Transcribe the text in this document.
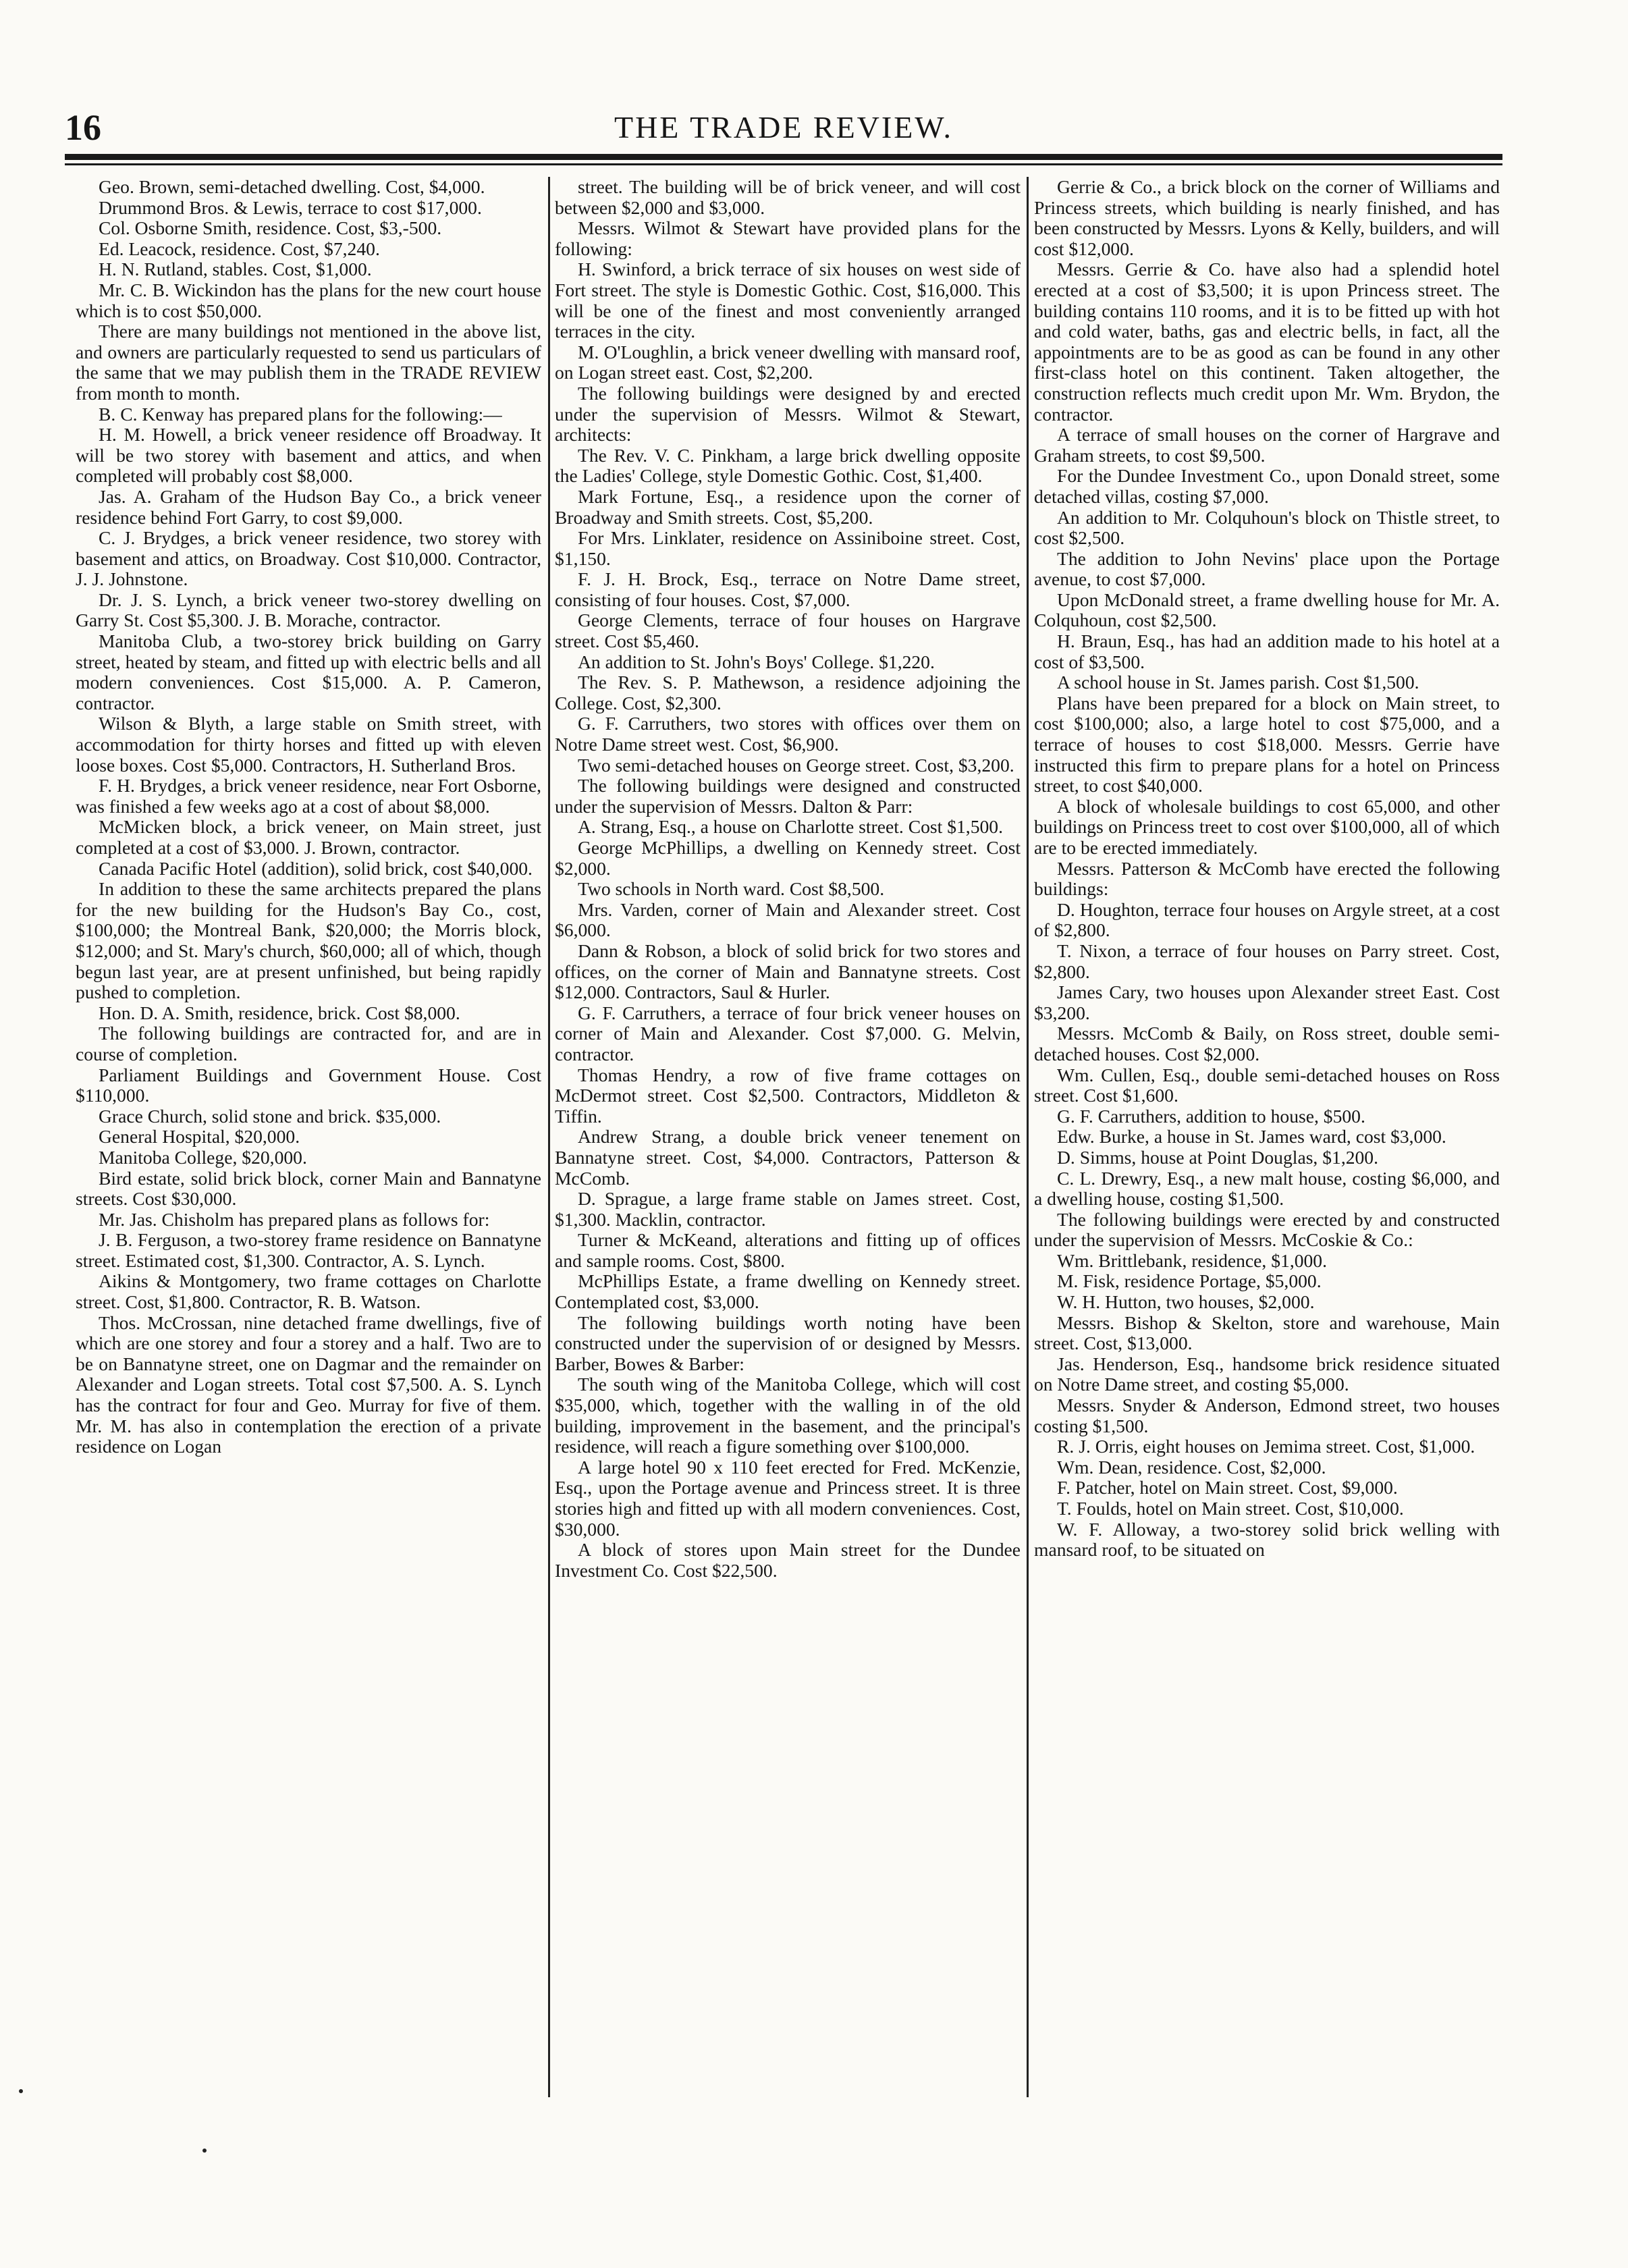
16	THE TRADE REVIEW.

Geo. Brown, semi-detached dwelling. Cost, $4,000.

Drummond Bros. & Lewis, terrace to cost $17,000.

Col. Osborne Smith, residence. Cost, $3,-500.

Ed. Leacock, residence. Cost, $7,240.

H. N. Rutland, stables. Cost, $1,000.

Mr. C. B. Wickindon has the plans for the new court house which is to cost $50,000.

There are many buildings not mentioned in the above list, and owners are particularly requested to send us particulars of the same that we may publish them in the TRADE REVIEW from month to month.

B. C. Kenway has prepared plans for the following:—

H. M. Howell, a brick veneer residence off Broadway. It will be two storey with basement and attics, and when completed will probably cost $8,000.

Jas. A. Graham of the Hudson Bay Co., a brick veneer residence behind Fort Garry, to cost $9,000.

C. J. Brydges, a brick veneer residence, two storey with basement and attics, on Broadway. Cost $10,000. Contractor, J. J. Johnstone.

Dr. J. S. Lynch, a brick veneer two-storey dwelling on Garry St. Cost $5,300. J. B. Morache, contractor.

Manitoba Club, a two-storey brick building on Garry street, heated by steam, and fitted up with electric bells and all modern conveniences. Cost $15,000. A. P. Cameron, contractor.

Wilson & Blyth, a large stable on Smith street, with accommodation for thirty horses and fitted up with eleven loose boxes. Cost $5,000. Contractors, H. Sutherland Bros.

F. H. Brydges, a brick veneer residence, near Fort Osborne, was finished a few weeks ago at a cost of about $8,000.

McMicken block, a brick veneer, on Main street, just completed at a cost of $3,000. J. Brown, contractor.

Canada Pacific Hotel (addition), solid brick, cost $40,000.

In addition to these the same architects prepared the plans for the new building for the Hudson's Bay Co., cost, $100,000; the Montreal Bank, $20,000; the Morris block, $12,000; and St. Mary's church, $60,000; all of which, though begun last year, are at present unfinished, but being rapidly pushed to completion.

Hon. D. A. Smith, residence, brick. Cost $8,000.

The following buildings are contracted for, and are in course of completion.

Parliament Buildings and Government House. Cost $110,000.

Grace Church, solid stone and brick. $35,000.

General Hospital, $20,000.

Manitoba College, $20,000.

Bird estate, solid brick block, corner Main and Bannatyne streets. Cost $30,000.

Mr. Jas. Chisholm has prepared plans as follows for:

J. B. Ferguson, a two-storey frame residence on Bannatyne street. Estimated cost, $1,300. Contractor, A. S. Lynch.

Aikins & Montgomery, two frame cottages on Charlotte street. Cost, $1,800. Contractor, R. B. Watson.

Thos. McCrossan, nine detached frame dwellings, five of which are one storey and four a storey and a half. Two are to be on Bannatyne street, one on Dagmar and the remainder on Alexander and Logan streets. Total cost $7,500. A. S. Lynch has the contract for four and Geo. Murray for five of them. Mr. M. has also in contemplation the erection of a private residence on Logan

street. The building will be of brick veneer, and will cost between $2,000 and $3,000.

Messrs. Wilmot & Stewart have provided plans for the following:

H. Swinford, a brick terrace of six houses on west side of Fort street. The style is Domestic Gothic. Cost, $16,000. This will be one of the finest and most conveniently arranged terraces in the city.

M. O'Loughlin, a brick veneer dwelling with mansard roof, on Logan street east. Cost, $2,200.

The following buildings were designed by and erected under the supervision of Messrs. Wilmot & Stewart, architects:

The Rev. V. C. Pinkham, a large brick dwelling opposite the Ladies' College, style Domestic Gothic. Cost, $1,400.

Mark Fortune, Esq., a residence upon the corner of Broadway and Smith streets. Cost, $5,200.

For Mrs. Linklater, residence on Assiniboine street. Cost, $1,150.

F. J. H. Brock, Esq., terrace on Notre Dame street, consisting of four houses. Cost, $7,000.

George Clements, terrace of four houses on Hargrave street. Cost $5,460.

An addition to St. John's Boys' College. $1,220.

The Rev. S. P. Mathewson, a residence adjoining the College. Cost, $2,300.

G. F. Carruthers, two stores with offices over them on Notre Dame street west. Cost, $6,900.

Two semi-detached houses on George street. Cost, $3,200.

The following buildings were designed and constructed under the supervision of Messrs. Dalton & Parr:

A. Strang, Esq., a house on Charlotte street. Cost $1,500.

George McPhillips, a dwelling on Kennedy street. Cost $2,000.

Two schools in North ward. Cost $8,500.

Mrs. Varden, corner of Main and Alexander street. Cost $6,000.

Dann & Robson, a block of solid brick for two stores and offices, on the corner of Main and Bannatyne streets. Cost $12,000. Contractors, Saul & Hurler.

G. F. Carruthers, a terrace of four brick veneer houses on corner of Main and Alexander. Cost $7,000. G. Melvin, contractor.

Thomas Hendry, a row of five frame cottages on McDermot street. Cost $2,500. Contractors, Middleton & Tiffin.

Andrew Strang, a double brick veneer tenement on Bannatyne street. Cost, $4,000. Contractors, Patterson & McComb.

D. Sprague, a large frame stable on James street. Cost, $1,300. Macklin, contractor.

Turner & McKeand, alterations and fitting up of offices and sample rooms. Cost, $800.

McPhillips Estate, a frame dwelling on Kennedy street. Contemplated cost, $3,000.

The following buildings worth noting have been constructed under the supervision of or designed by Messrs. Barber, Bowes & Barber:

The south wing of the Manitoba College, which will cost $35,000, which, together with the walling in of the old building, improvement in the basement, and the principal's residence, will reach a figure something over $100,000.

A large hotel 90 x 110 feet erected for Fred. McKenzie, Esq., upon the Portage avenue and Princess street. It is three stories high and fitted up with all modern conveniences. Cost, $30,000.

A block of stores upon Main street for the Dundee Investment Co. Cost $22,500.

Gerrie & Co., a brick block on the corner of Williams and Princess streets, which building is nearly finished, and has been constructed by Messrs. Lyons & Kelly, builders, and will cost $12,000.

Messrs. Gerrie & Co. have also had a splendid hotel erected at a cost of $3,500; it is upon Princess street. The building contains 110 rooms, and it is to be fitted up with hot and cold water, baths, gas and electric bells, in fact, all the appointments are to be as good as can be found in any other first-class hotel on this continent. Taken altogether, the construction reflects much credit upon Mr. Wm. Brydon, the contractor.

A terrace of small houses on the corner of Hargrave and Graham streets, to cost $9,500.

For the Dundee Investment Co., upon Donald street, some detached villas, costing $7,000.

An addition to Mr. Colquhoun's block on Thistle street, to cost $2,500.

The addition to John Nevins' place upon the Portage avenue, to cost $7,000.

Upon McDonald street, a frame dwelling house for Mr. A. Colquhoun, cost $2,500.

H. Braun, Esq., has had an addition made to his hotel at a cost of $3,500.

A school house in St. James parish. Cost $1,500.

Plans have been prepared for a block on Main street, to cost $100,000; also, a large hotel to cost $75,000, and a terrace of houses to cost $18,000. Messrs. Gerrie have instructed this firm to prepare plans for a hotel on Princess street, to cost $40,000.

A block of wholesale buildings to cost 65,000, and other buildings on Princess treet to cost over $100,000, all of which are to be erected immediately.

Messrs. Patterson & McComb have erected the following buildings:

D. Houghton, terrace four houses on Argyle street, at a cost of $2,800.

T. Nixon, a terrace of four houses on Parry street. Cost, $2,800.

James Cary, two houses upon Alexander street East. Cost $3,200.

Messrs. McComb & Baily, on Ross street, double semi-detached houses. Cost $2,000.

Wm. Cullen, Esq., double semi-detached houses on Ross street. Cost $1,600.

G. F. Carruthers, addition to house, $500.

Edw. Burke, a house in St. James ward, cost $3,000.

D. Simms, house at Point Douglas, $1,200.

C. L. Drewry, Esq., a new malt house, costing $6,000, and a dwelling house, costing $1,500.

The following buildings were erected by and constructed under the supervision of Messrs. McCoskie & Co.:

Wm. Brittlebank, residence, $1,000.

M. Fisk, residence Portage, $5,000.

W. H. Hutton, two houses, $2,000.

Messrs. Bishop & Skelton, store and warehouse, Main street. Cost, $13,000.

Jas. Henderson, Esq., handsome brick residence situated on Notre Dame street, and costing $5,000.

Messrs. Snyder & Anderson, Edmond street, two houses costing $1,500.

R. J. Orris, eight houses on Jemima street. Cost, $1,000.

Wm. Dean, residence. Cost, $2,000.

F. Patcher, hotel on Main street. Cost, $9,000.

T. Foulds, hotel on Main street. Cost, $10,000.

W. F. Alloway, a two-storey solid brick welling with mansard roof, to be situated on
